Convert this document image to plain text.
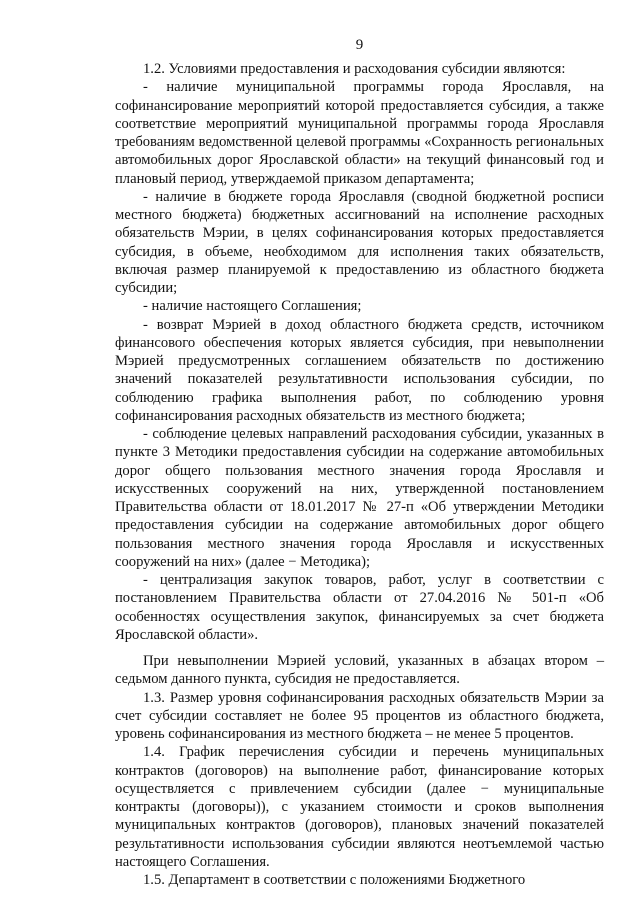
9

1.2. Условиями предоставления и расходования субсидии являются:

- наличие муниципальной программы города Ярославля, на софинансирование мероприятий которой предоставляется субсидия, а также соответствие мероприятий муниципальной программы города Ярославля требованиям ведомственной целевой программы «Сохранность региональных автомобильных дорог Ярославской области» на текущий финансовый год и плановый период, утверждаемой приказом департамента;

- наличие в бюджете города Ярославля (сводной бюджетной росписи местного бюджета) бюджетных ассигнований на исполнение расходных обязательств Мэрии, в целях софинансирования которых предоставляется субсидия, в объеме, необходимом для исполнения таких обязательств, включая размер планируемой к предоставлению из областного бюджета субсидии;

- наличие настоящего Соглашения;

- возврат Мэрией в доход областного бюджета средств, источником финансового обеспечения которых является субсидия, при невыполнении Мэрией предусмотренных соглашением обязательств по достижению значений показателей результативности использования субсидии, по соблюдению графика выполнения работ, по соблюдению уровня софинансирования расходных обязательств из местного бюджета;

- соблюдение целевых направлений расходования субсидии, указанных в пункте 3 Методики предоставления субсидии на содержание автомобильных дорог общего пользования местного значения города Ярославля и искусственных сооружений на них, утвержденной постановлением Правительства области от 18.01.2017 № 27-п «Об утверждении Методики предоставления субсидии на содержание автомобильных дорог общего пользования местного значения города Ярославля и искусственных сооружений на них» (далее − Методика);

- централизация закупок товаров, работ, услуг в соответствии с постановлением Правительства области от 27.04.2016 № 501-п «Об особенностях осуществления закупок, финансируемых за счет бюджета Ярославской области».

При невыполнении Мэрией условий, указанных в абзацах втором – седьмом данного пункта, субсидия не предоставляется.

1.3. Размер уровня софинансирования расходных обязательств Мэрии за счет субсидии составляет не более 95 процентов из областного бюджета, уровень софинансирования из местного бюджета – не менее 5 процентов.

1.4. График перечисления субсидии и перечень муниципальных контрактов (договоров) на выполнение работ, финансирование которых осуществляется с привлечением субсидии (далее − муниципальные контракты (договоры)), с указанием стоимости и сроков выполнения муниципальных контрактов (договоров), плановых значений показателей результативности использования субсидии являются неотъемлемой частью настоящего Соглашения.

1.5. Департамент в соответствии с положениями Бюджетного
